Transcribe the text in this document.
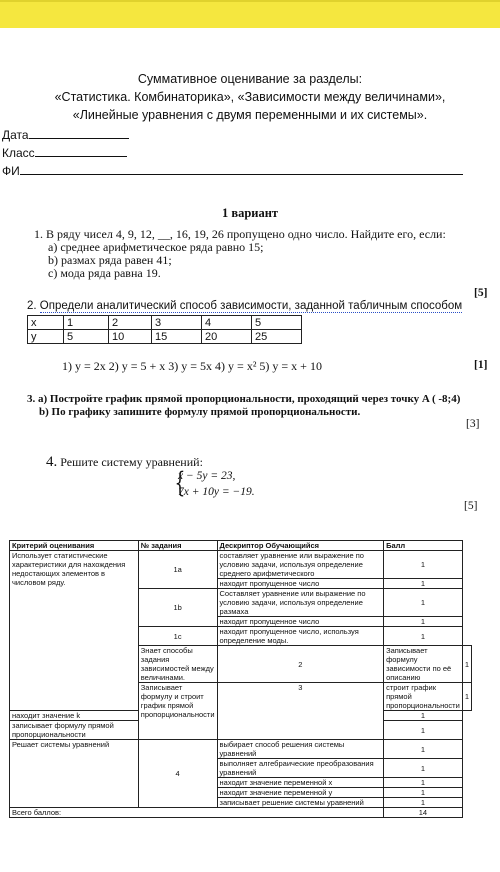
Суммативное оценивание за разделы:
«Статистика. Комбинаторика», «Зависимости между величинами»,
«Линейные уравнения с двумя переменными и их системы».
Дата
Класс
ФИ
1 вариант
1. В ряду чисел 4, 9, 12, __, 16, 19, 26 пропущено одно число. Найдите его, если:
a) среднее арифметическое ряда равно 15;
b) размах ряда равен 41;
c) мода ряда равна 19.
[5]
2. Определи аналитический способ зависимости, заданной табличным способом
x	1	2	3	4	5
y	5	10	15	20	25
1) y = 2x 2) y = 5 + x 3) y = 5x 4) y = x² 5) y = x + 10	[1]
3. a) Постройте график прямой пропорциональности, проходящий через точку A ( -8;4)
b) По графику запишите формулу прямой пропорциональности.
[3]
4. Решите систему уравнений:
{
x − 5y = 23,
7x + 10y = −19.
[5]
Критерий оценивания	№ задания	Дескриптор Обучающийся	Балл	
Использует статистические характеристики для нахождения недостающих элементов в числовом ряду.	1a	составляет уравнение или выражение по условию задачи, используя определение среднего арифметического	1	
		находит пропущенное число	1	
	1b	Составляет уравнение или выражение по условию задачи, используя определение размаха	1	
		находит пропущенное число	1	
	1c	находит пропущенное число, используя определение моды.	1	
	Знает способы задания зависимостей между величинами.	2	Записывает формулу зависимости по её описанию	1
	Записывает формулу и строит график прямой пропорциональности	3	строит график прямой пропорциональности	1
находит значение k			1	
записывает формулу прямой пропорциональности			1	
Решает системы уравнений	4	выбирает способ решения системы уравнений	1	
		выполняет алгебраические преобразования уравнений	1	
		находит значение переменной x	1	
		находит значение переменной y	1	
		записывает решение системы уравнений	1	
Всего баллов:			14	
